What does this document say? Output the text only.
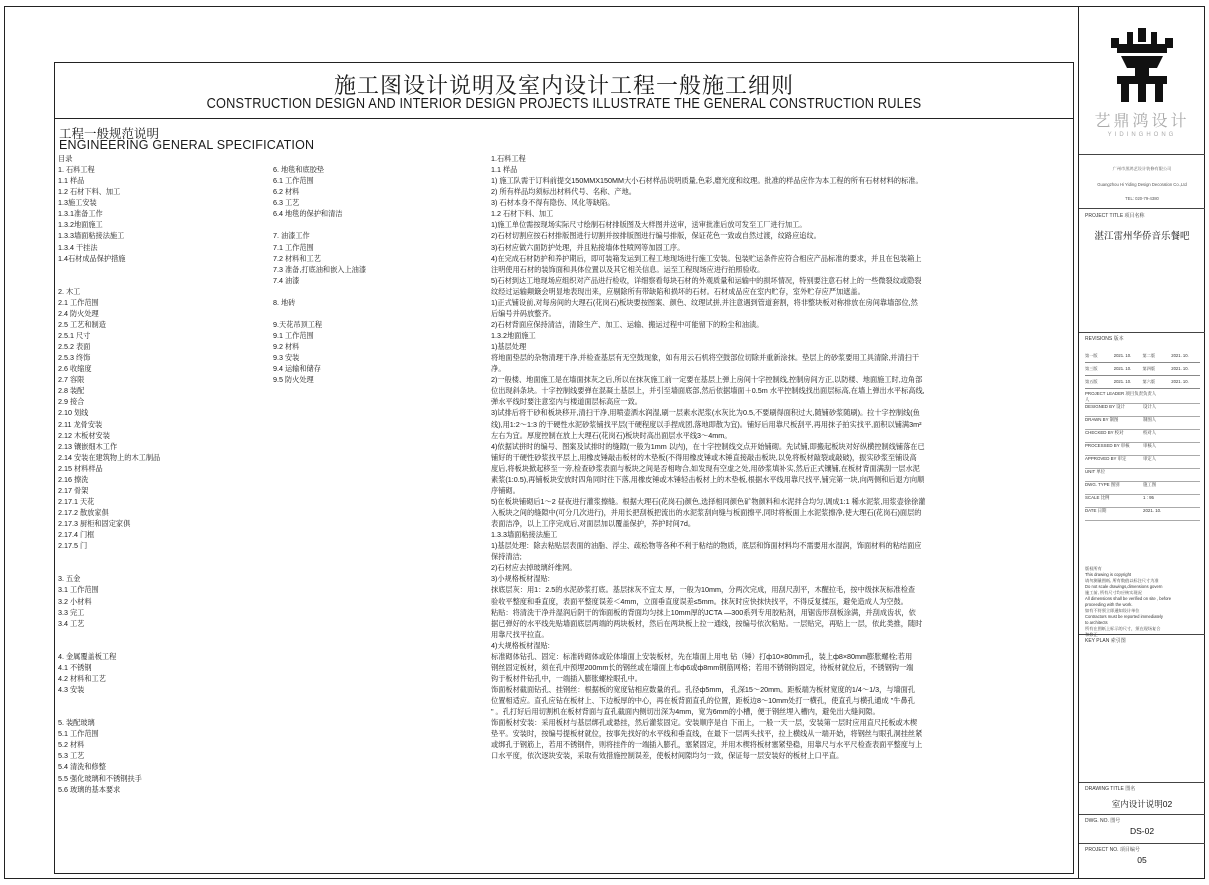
施工图设计说明及室内设计工程一般施工细则
CONSTRUCTION DESIGN AND INTERIOR DESIGN PROJECTS ILLUSTRATE THE GENERAL CONSTRUCTION RULES
工程一般规范说明
ENGINEERING GENERAL SPECIFICATION
目录
1. 石料工程
1.1 样品
1.2 石材下料、加工
1.3施工安装
1.3.1准备工作
1.3.2地面施工
1.3.3墙面粘接法施工
1.3.4 干挂法
1.4石材成品保护措施
2. 木工
2.1 工作范围
2.4 防火处理
2.5 工艺和制造
2.5.1 尺寸
2.5.2 表面
2.5.3 终饰
2.6 收缩度
2.7 容限
2.8 装配
2.9 接合
2.10 划线
2.11 龙骨安装
2.12 木板材安装
2.13 镶嵌细木工作
2.14 安装在建筑物上的木工制品
2.15 材料样品
2.16 擦洗
2.17 骨架
2.17.1 天花
2.17.2 散放家俱
2.17.3 厨柜和固定家俱
2.17.4 门框
2.17.5 门
3. 五金
3.1 工作范围
3.2 小材料
3.3 完工
3.4 工艺
4. 金属覆盖板工程
4.1 不锈钢
4.2 材料和工艺
4.3 安装
5. 装配玻璃
5.1 工作范围
5.2 材料
5.3 工艺
5.4 清洗和修整
5.5 强化玻璃和不锈钢扶手
5.6 玻璃的基本要求
6. 地毯和底胶垫
6.1 工作范围
6.2 材料
6.3 工艺
6.4 地毯的保护和清洁
7. 油漆工作
7.1 工作范围
7.2 材料和工艺
7.3 准备,打底油和嵌入上油漆
7.4 油漆
8. 地砖
9.天花吊顶工程
9.1 工作范围
9.2 材料
9.3 安装
9.4 运输和储存
9.5 防火处理
1.石料工程
1.1 样品
1) 施工队需于订料前提交150MMX150MM大小石材样品说明质量,色彩,磨光度和纹理。批准的样品应作为本工程的所有石材材料的标准。
2) 所有样品均须标出材料代号、名称、产地。
3) 石材本身不得有隐伤、风化等缺陷。
1.2 石材下料、加工
1)施工单位需按现场实际尺寸绘制石材排版图及大样图并送审，送审批准后放可发至工厂进行加工。
2)石材切割应按石材排版图进行切割并按排版图进行编号排版，保证花色一致或自然过渡，纹路应追纹。
3)石材应做六面防护处理，并且粘接墙体性喷网等加固工序。
4)在完成石材防护和养护期后，即可装箱发运到工程工地现场进行施工安装。包装贮运条件应符合相应产品标准的要求，并且在包装箱上
注明使用石材的装饰面和具体位置以及其它相关信息。运至工程现场应进行拍照验收。
5)石材到达工地现场应组织对产品进行检收，详细察看每块石材的外观质量和运输中的损坏情况，特别要注意石材上的一些微裂纹或隐裂
纹经过运输颠簸会明显地表现出来，应剔除所有带缺陷和损坏的石材。石材成品应在室内贮存，室外贮存应严加遮盖。
1)正式铺设前,对每房间的大理石(花岗石)板块要按图案、颜色、纹理试拼,并注意遇到管道套割，将非整块板对称排放在房间靠墙部位,然
后编号并码放整齐。
2)石材背面应保持清洁，清除生产、加工、运输、搬运过程中可能留下的粉尘和油渍。
1.3.2地面施工
1)基层处理
将地面垫层的杂物清理干净,并检查基层有无空鼓现象，如有用云石机将空鼓部位切除并重新涂抹。垫层上的砂浆要用工具清除,并清扫干
净。
2)一般楼、地面施工是在墙面抹灰之后,所以在抹灰施工前一定要在基层上弹上房间十字控制线,控制房间方正,以防楼、地面施工时,边角部
位出现斜条块。十字控制线要弹在混凝土基层上，并引至墙面底部,然后依据墙面＋0.5m 水平控制线找出面层标高,在墙上弹出水平标高线,
弹水平线时要注意室内与楼道面层标高应一致。
3)试排后将干砂和板块移开,清扫干净,用喷壶洒水润湿,刷一层素水泥浆(水灰比为0.5,不要刷得面积过大,随铺砂浆随刷)。拉十字控制线(鱼
线),用1:2～1:3 的干硬性水泥砂浆铺找平层(干硬程度以手捏成团,落地即散为宜)。铺好后用靠尺板刮平,再用抹子拍实找平,面积以铺满3m²
左右为宜。厚度控制在放上大理石(花岗石)板块时高出面层水平线3～4mm。
4)依据试拼时的编号、图案及试排时的缝隙(一般为1mm 以内)，在十字控制线交点开始铺砌。先试铺,即搬起板块对好纵横控制线铺落在已
铺好的干硬性砂浆找平层上,用橡皮锤敲击板材的木垫板(不得用橡皮锤或木锤直接敲击板块,以免将板材敲裂或敲破)，振实砂浆至铺设高
度后,将板块掀起移至一旁,检查砂浆表面与板块之间是否相吻合,如发现有空虚之处,用砂浆填补实,然后正式镶铺,在板材背面满刮一层水泥
素浆(1:0.5),再铺板块安放时四角同时往下落,用橡皮锤或木锤轻击板材上的木垫板,根据水平线用靠尺找平,铺完第一块,向两侧和后退方向顺
序铺砌。
5)在板块铺砌后1～2 昼夜进行灌浆擦缝。根据大理石(花岗石)颜色,选择相同颜色矿物颜料和水泥拌合均匀,调成1:1 稀水泥浆,用浆壶徐徐灌
入板块之间的缝隙中(可分几次进行)，并用长把刮板把流出的水泥浆刮向缝与板面擦平,同时将板面上水泥浆擦净,使大理石(花岗石)面层的
表面洁净，以上工序完成后,对面层加以覆盖保护，养护时间7d。
1.3.3墙面粘接法施工
1)基层处理：除去粘贴层表面的油脂、浮尘、疏松物等各种不利于粘结的物质，底层和饰面材料均不需要用水湿润，饰面材料的粘结面应
保持清洁;
2)石材应去掉玻璃纤维网。
3)小规格板材湿贴:
抹底层灰：用1：2.5的水泥砂浆打底。基层抹灰不宜太 厚，一般为10mm，分两次完成，用刮尺刮平，木醒拉毛，按中级抹灰标准检查
验收平整度和垂直度，表面平整度误差＜4mm，立面垂直度误差≤5mm。抹灰时应快抹快找平，不得反复揉压，避免造成人为空鼓。
粘贴：将清洗干净并湿润后阴干的饰面板的背面均匀抹上10mm厚的JCTA —300系列专用胶粘剂，用锯齿形刮板涂满，并刮成齿状，依
据已弹好的水平线先贴墙面底层两端的两块板材，然后在两块板上拉一通线，按编号依次粘贴。一层贴完，再贴上一层，依此类推，随时
用靠尺找平拉直。
4)大规格板材湿贴:
标准砌体钻孔、固定：标准砖砌体或砼体墙面上安装板材，先在墙面上用电 钻（锤）打ф10×80mm孔，装上ф8×80mm膨胀螺栓;若用
钢丝固定板材，须在孔中预埋200mm长的钢丝或在墙面上布ф6或ф8mm钢筋网格；若用不锈钢钩固定，待板材就位后，不锈钢钩一端
钩于板材件钻孔中，一端插入膨胀螺栓眼孔中。
饰面板材截面钻孔、挂钢丝：根据板的宽度钻相应数量的孔。孔径ф5mm， 孔深15～20mm。距板端为板材宽度的1/4～1/3，与墙面孔
位置相适应。直孔应钻在板材上、下边板厚的中心，再在板背面直孔的位置，距板边8～10mm处打一横孔，使直孔与横孔通成 "牛鼻孔
" 。孔打好后用切割机在板材背面与直孔截面内侧切出深为4mm，宽为6mm的小槽，便于钢丝埋入槽内，避免出大缝间隙。
饰面板材安装：采用板材与基层绑孔或悬挂，然后灌浆固定。安装顺序是自 下而上，一般一天一层，安装第一层时应用直尺托板或木楔
垫平。安装时，按编号提板材就位，按事先找好的水平线和垂直线，在最下一层两头找平，拉上横线从一端开始，将钢丝与眼孔洞挂丝紧
或绑孔于钢筋上，若用不锈钢件，则将挂件的一端插入膨孔，塞紧固定，并用木楔将板材塞紧垫稳，用靠尺与水平尺检查表面平整度与上
口水平度，依次逐块安装，采取有效措施控制误差，使板材间隙均匀一致，保证每一层安装好的板材上口平直。
艺鼎鸿设计
YIDINGHONG
广州市黑鸿艺设计装修有限公司
Guangzhou Hi Yiding Design Decoration Co.,Ltd
TEL: 020-79-4380
PROJECT TITLE 项目名称
湛江雷州华侨音乐餐吧
REVISIONS 版本
第一版	2021. 10.	第二版	2021. 10.
第三版	2021. 10.	第四版	2021. 10.
第五版	2021. 10.	第六版	2021. 10.
PROJECT LEADER 项目负责人
负责人
DESIGNED BY 设计	设计人
DRAWN BY 制图	制图人
CHECKED BY 校对	校对人
PROCESSED BY 审核	审核人
APPROVED BY 审定	审定人
UNIT 单位
DWG. TYPE 图别	施工图
SCALE 比例	1 : 95
DATE 日期	2021. 10.
版权所有
This drawing is copyright
请勿测量图纸, 所有数值以标注尺寸为准
Do not scale drawings,dimensions govern
施工前, 所有尺寸均应核实现况
All dimensions shall be verified on site , before
proceeding with the work.
如有不符须立即通知设计单位
Contractors must be reported immediately
to architects
所有在图纸上标示的尺寸，须在现场复合
和修正
KEY PLAN 索引图
DRAWING TITLE 图名
室内设计说明02
DWG. NO. 图号
DS-02
PROJECT NO. 项目编号
05
